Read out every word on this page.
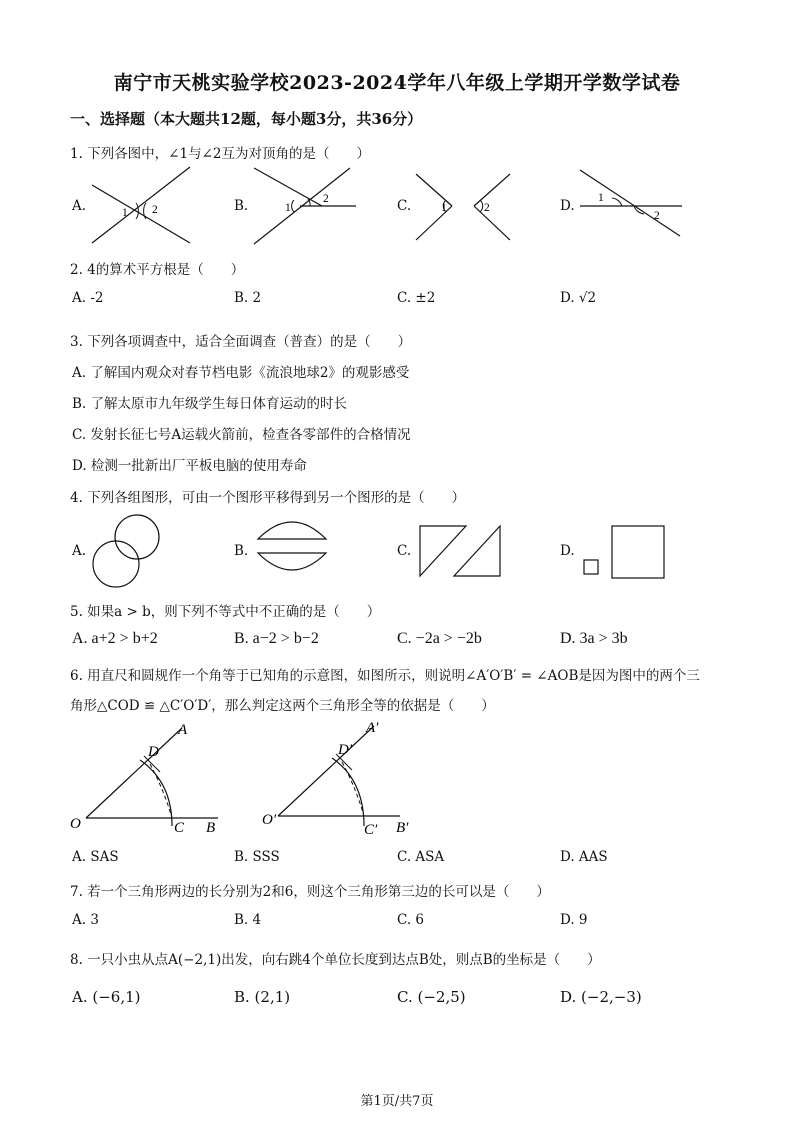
南宁市天桃实验学校2023-2024学年八年级上学期开学数学试卷
一、选择题（本大题共12题，每小题3分，共36分）
1. 下列各图中，∠1与∠2互为对顶角的是（　　）
A.	B.	C.	D.
1 2	1
2
1	2
1
2
2. 4的算术平方根是（　　）
A. -2	B. 2	C. ±2	D. √2
3. 下列各项调查中，适合全面调查（普查）的是（　　）
A. 了解国内观众对春节档电影《流浪地球2》的观影感受
B. 了解太原市九年级学生每日体育运动的时长
C. 发射长征七号A运载火箭前，检查各零部件的合格情况
D. 检测一批新出厂平板电脑的使用寿命
4. 下列各组图形，可由一个图形平移得到另一个图形的是（　　）
A.	B.	C.	D.
5. 如果a > b，则下列不等式中不正确的是（　　）
A. a+2 > b+2	B. a−2 > b−2	C. −2a > −2b	D. 3a > 3b
6. 用直尺和圆规作一个角等于已知角的示意图，如图所示，则说明∠A′O′B′ = ∠AOB是因为图中的两个三
角形△COD ≌ △C′O′D′，那么判定这两个三角形全等的依据是（　　）
A
D
O	C B
A′
D′
O′
C′ B′
A. SAS	B. SSS	C. ASA	D. AAS
7. 若一个三角形两边的长分别为2和6，则这个三角形第三边的长可以是（　　）
A. 3	B. 4	C. 6	D. 9
8. 一只小虫从点A(−2,1)出发，向右跳4个单位长度到达点B处，则点B的坐标是（　　）
A. (−6,1)	B. (2,1)	C. (−2,5)	D. (−2,−3)
第1页/共7页
